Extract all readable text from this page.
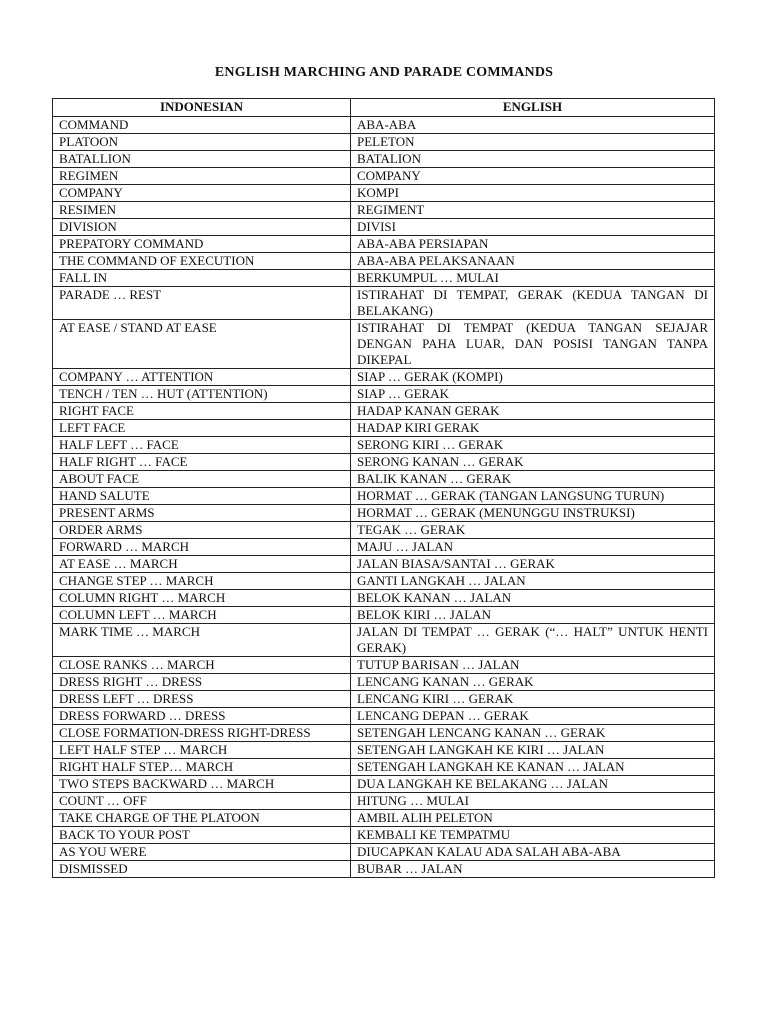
ENGLISH MARCHING AND PARADE COMMANDS
INDONESIAN	ENGLISH
COMMAND	ABA-ABA
PLATOON	PELETON
BATALLION	BATALION
REGIMEN	COMPANY
COMPANY	KOMPI
RESIMEN	REGIMENT
DIVISION	DIVISI
PREPATORY COMMAND	ABA-ABA PERSIAPAN
THE COMMAND OF EXECUTION	ABA-ABA PELAKSANAAN
FALL IN	BERKUMPUL … MULAI
PARADE … REST	ISTIRAHAT DI TEMPAT, GERAK (KEDUA TANGAN DI BELAKANG)
AT EASE / STAND AT EASE	ISTIRAHAT DI TEMPAT (KEDUA TANGAN SEJAJAR DENGAN PAHA LUAR, DAN POSISI TANGAN TANPA DIKEPAL
COMPANY … ATTENTION	SIAP … GERAK (KOMPI)
TENCH / TEN … HUT (ATTENTION)	SIAP … GERAK
RIGHT FACE	HADAP KANAN GERAK
LEFT FACE	HADAP KIRI GERAK
HALF LEFT … FACE	SERONG KIRI … GERAK
HALF RIGHT … FACE	SERONG KANAN … GERAK
ABOUT FACE	BALIK KANAN … GERAK
HAND SALUTE	HORMAT … GERAK (TANGAN LANGSUNG TURUN)
PRESENT ARMS	HORMAT … GERAK (MENUNGGU INSTRUKSI)
ORDER ARMS	TEGAK … GERAK
FORWARD … MARCH	MAJU … JALAN
AT EASE … MARCH	JALAN BIASA/SANTAI … GERAK
CHANGE STEP … MARCH	GANTI LANGKAH … JALAN
COLUMN RIGHT … MARCH	BELOK KANAN … JALAN
COLUMN LEFT … MARCH	BELOK KIRI … JALAN
MARK TIME … MARCH	JALAN DI TEMPAT … GERAK (“… HALT” UNTUK HENTI GERAK)
CLOSE RANKS … MARCH	TUTUP BARISAN … JALAN
DRESS RIGHT … DRESS	LENCANG KANAN … GERAK
DRESS LEFT … DRESS	LENCANG KIRI … GERAK
DRESS FORWARD … DRESS	LENCANG DEPAN … GERAK
CLOSE FORMATION-DRESS RIGHT-DRESS	SETENGAH LENCANG KANAN … GERAK
LEFT HALF STEP … MARCH	SETENGAH LANGKAH KE KIRI … JALAN
RIGHT HALF STEP… MARCH	SETENGAH LANGKAH KE KANAN … JALAN
TWO STEPS BACKWARD … MARCH	DUA LANGKAH KE BELAKANG … JALAN
COUNT … OFF	HITUNG … MULAI
TAKE CHARGE OF THE PLATOON	AMBIL ALIH PELETON
BACK TO YOUR POST	KEMBALI KE TEMPATMU
AS YOU WERE	DIUCAPKAN KALAU ADA SALAH ABA-ABA
DISMISSED	BUBAR … JALAN
